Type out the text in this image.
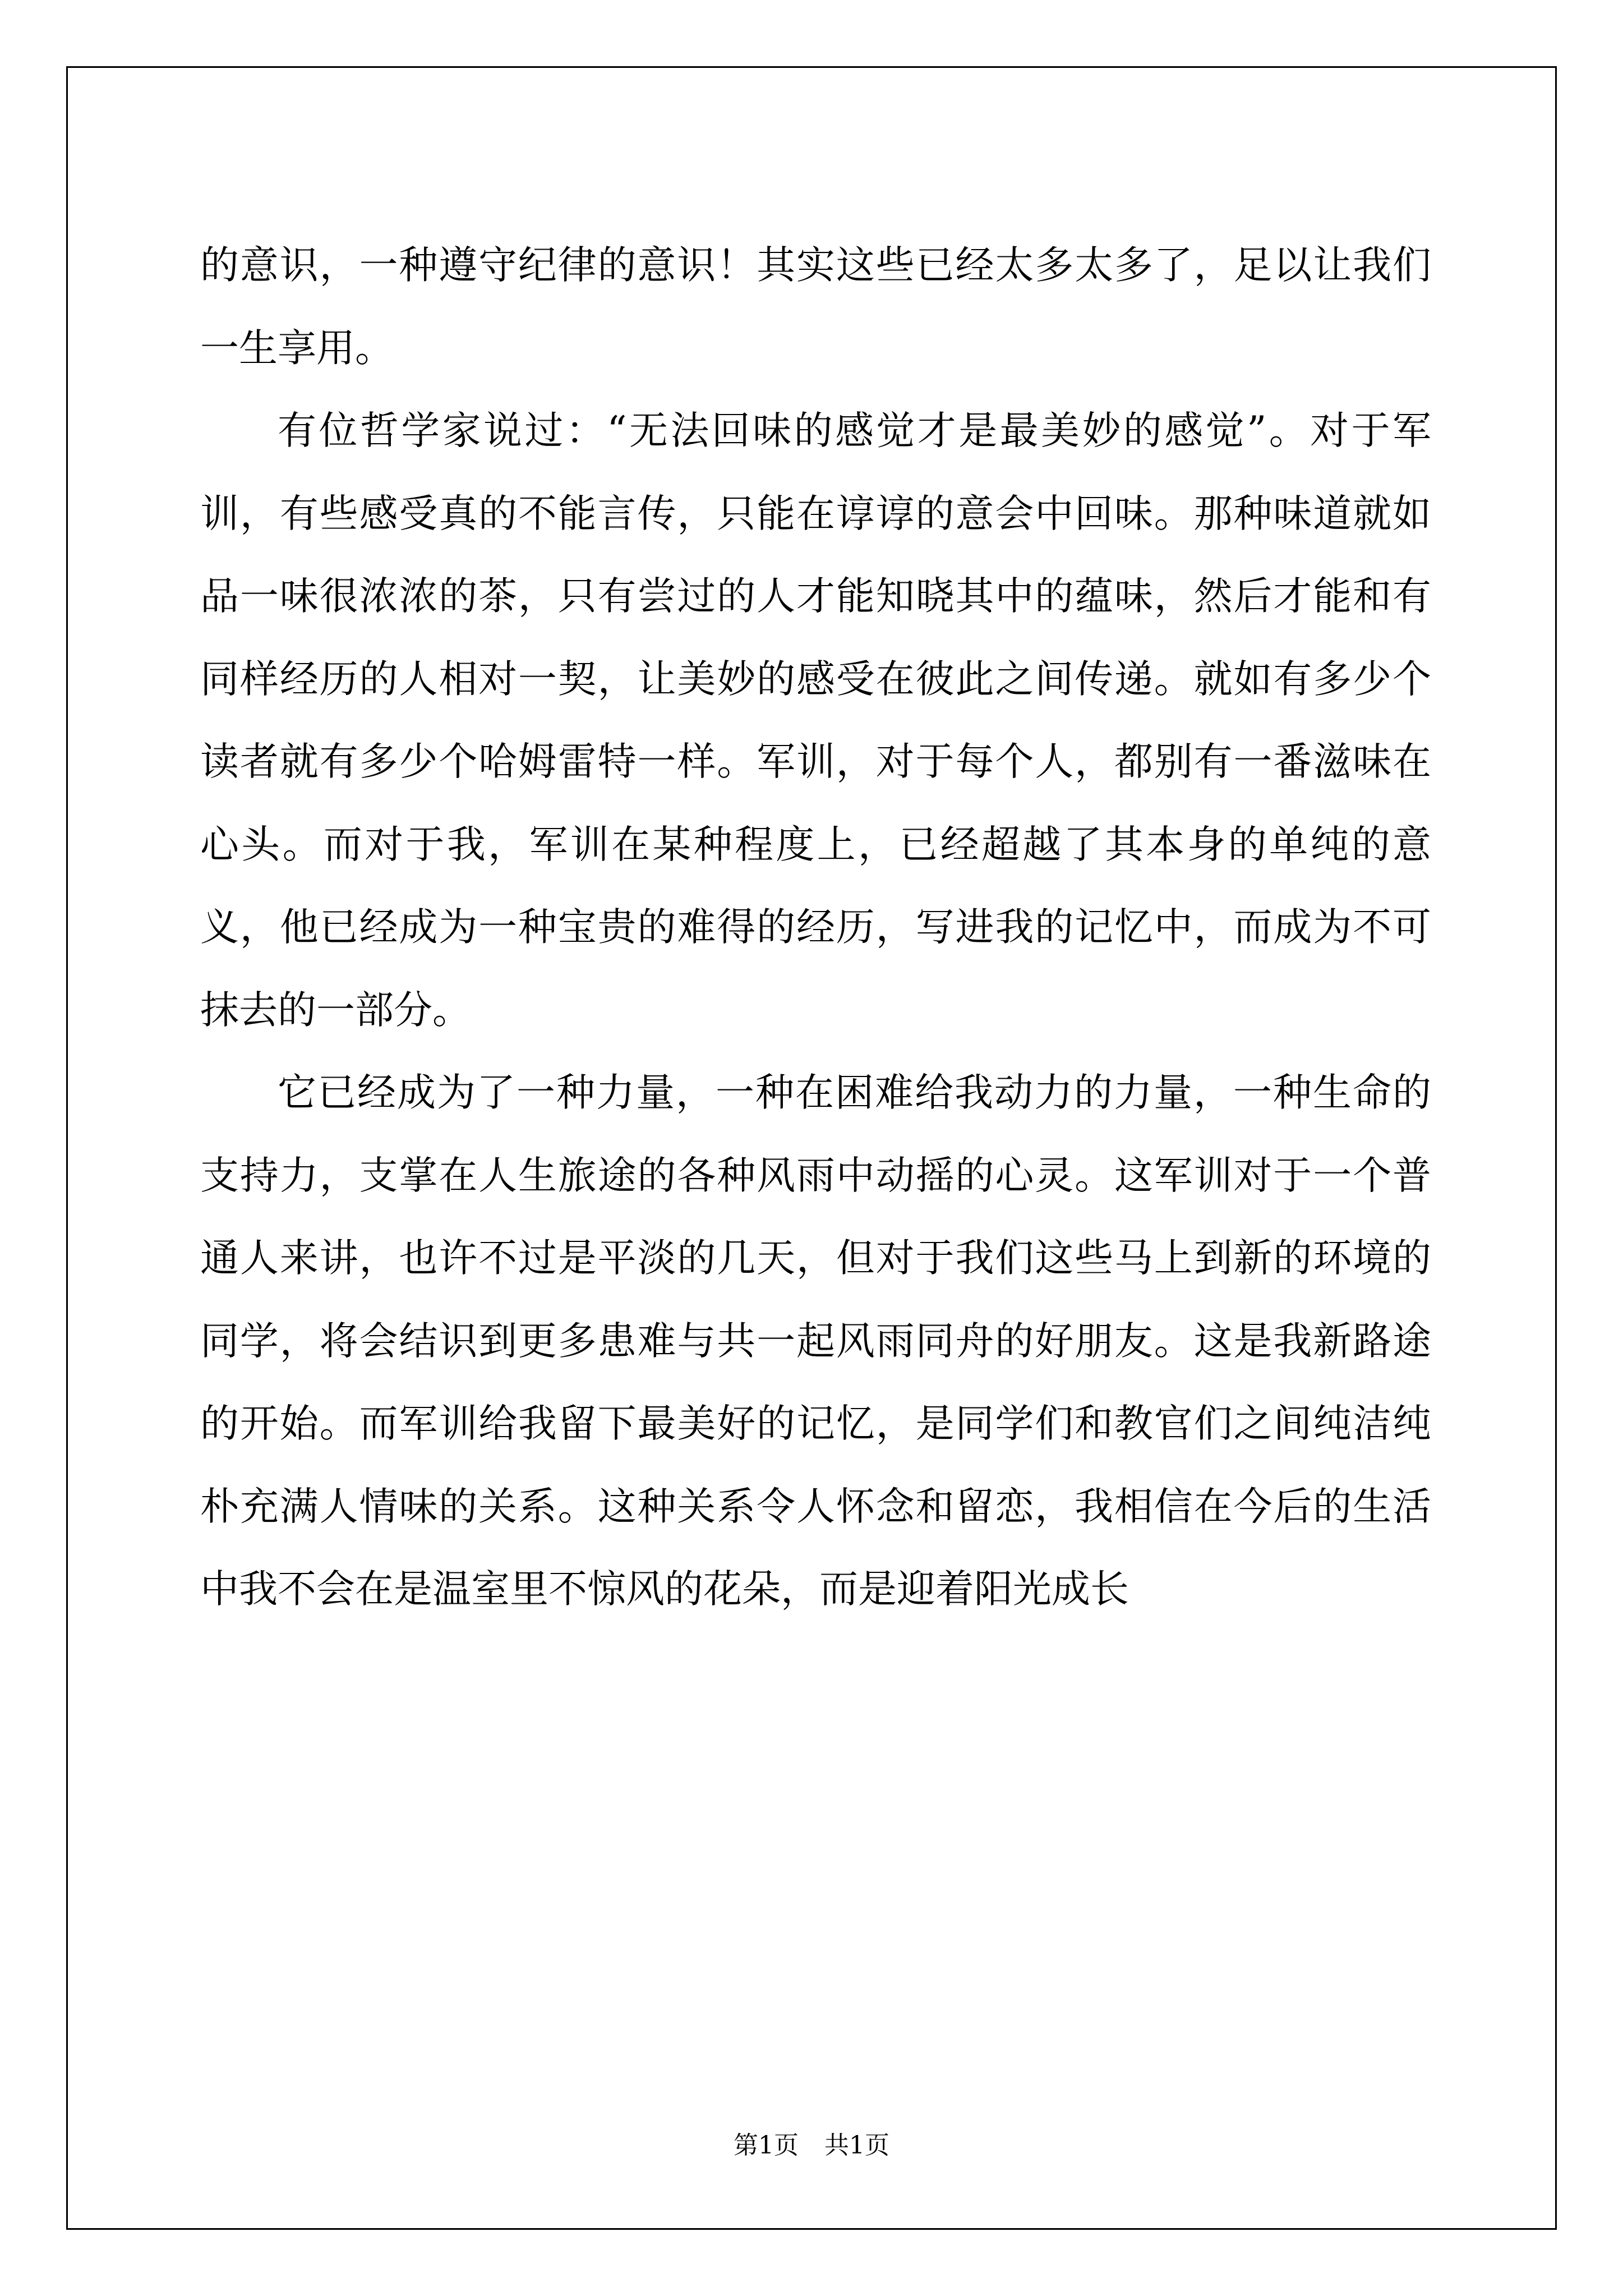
的意识，一种遵守纪律的意识！其实这些已经太多太多了，足以让我们一生享用。

有位哲学家说过：“无法回味的感觉才是最美妙的感觉”。对于军训，有些感受真的不能言传，只能在谆谆的意会中回味。那种味道就如品一味很浓浓的茶，只有尝过的人才能知晓其中的蕴味，然后才能和有同样经历的人相对一契，让美妙的感受在彼此之间传递。就如有多少个读者就有多少个哈姆雷特一样。军训，对于每个人，都别有一番滋味在心头。而对于我，军训在某种程度上，已经超越了其本身的单纯的意义，他已经成为一种宝贵的难得的经历，写进我的记忆中，而成为不可抹去的一部分。

它已经成为了一种力量，一种在困难给我动力的力量，一种生命的支持力，支掌在人生旅途的各种风雨中动摇的心灵。这军训对于一个普通人来讲，也许不过是平淡的几天，但对于我们这些马上到新的环境的同学，将会结识到更多患难与共一起风雨同舟的好朋友。这是我新路途的开始。而军训给我留下最美好的记忆，是同学们和教官们之间纯洁纯朴充满人情味的关系。这种关系令人怀念和留恋，我相信在今后的生活中我不会在是温室里不惊风的花朵，而是迎着阳光成长

第1页 共1页
